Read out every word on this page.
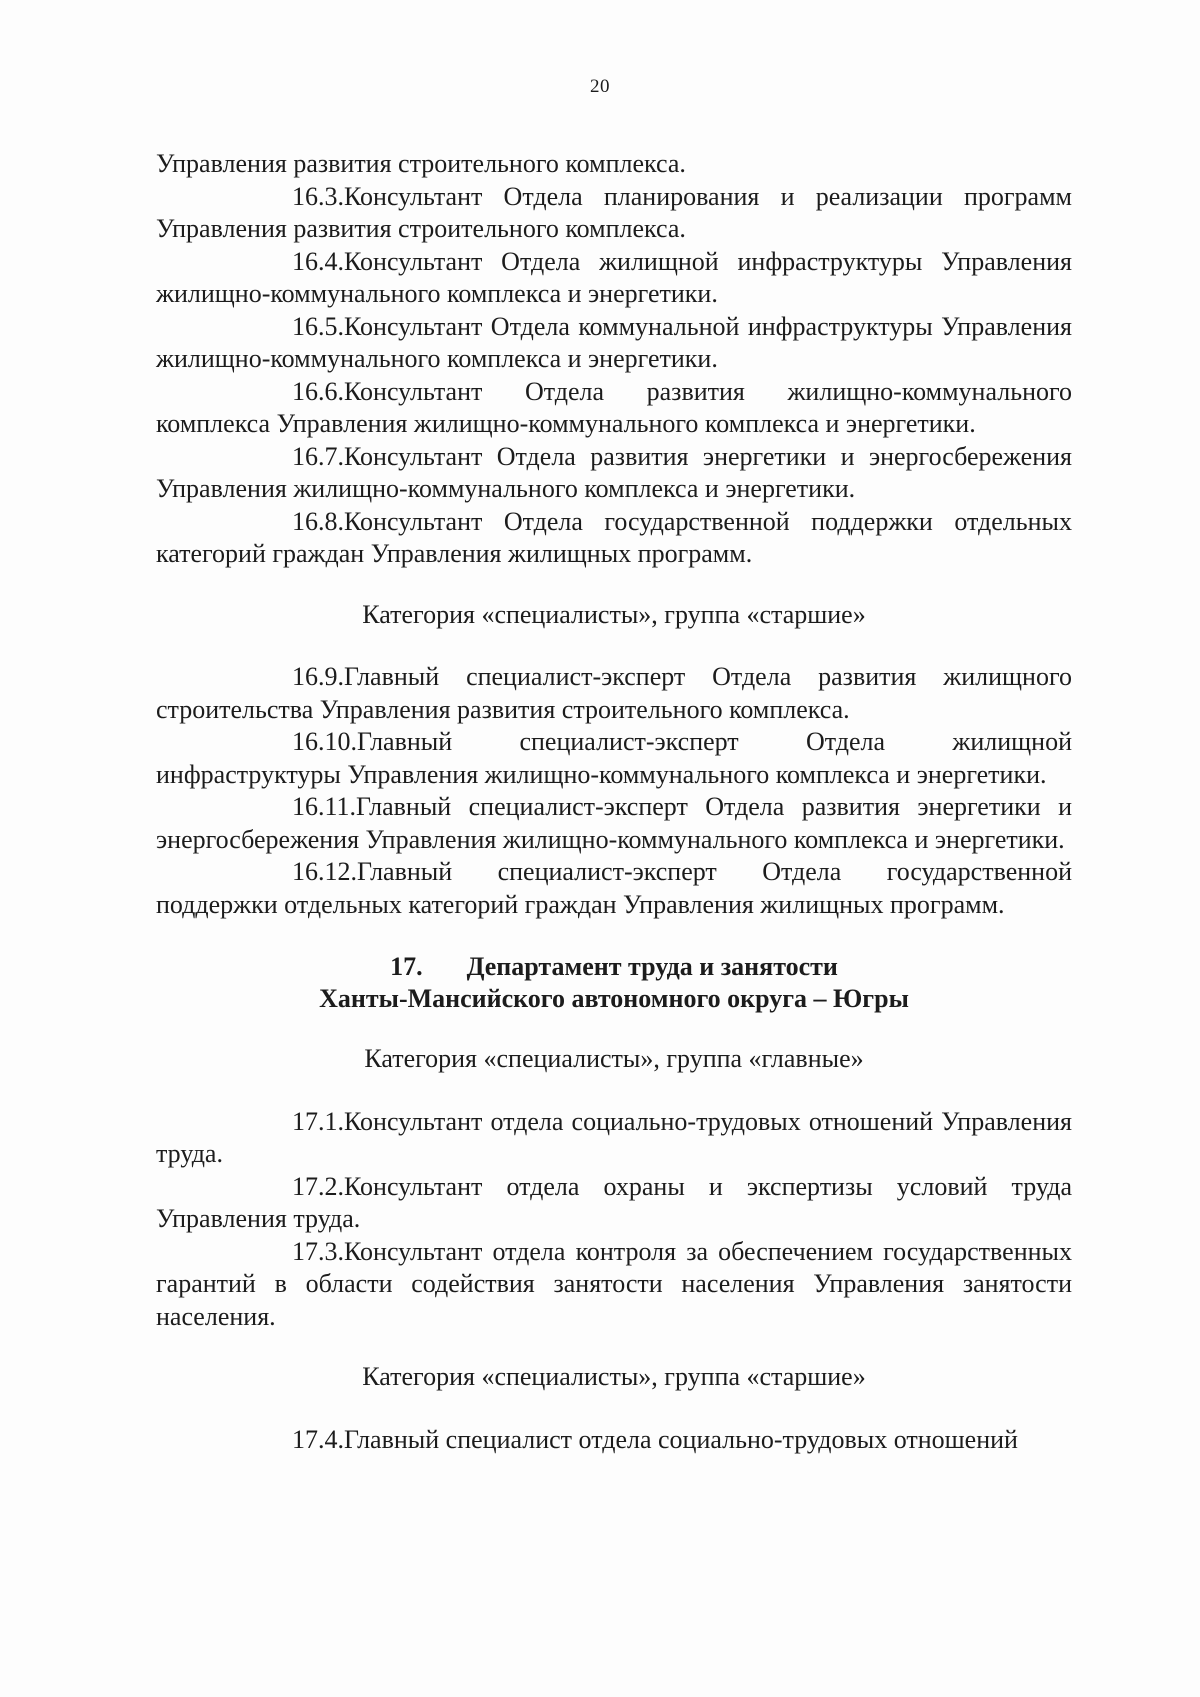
20

Управления развития строительного комплекса.

16.3.Консультант Отдела планирования и реализации программ Управления развития строительного комплекса.

16.4.Консультант Отдела жилищной инфраструктуры Управления жилищно-коммунального комплекса и энергетики.

16.5.Консультант Отдела коммунальной инфраструктуры Управления жилищно-коммунального комплекса и энергетики.

16.6.Консультант Отдела развития жилищно-коммунального комплекса Управления жилищно-коммунального комплекса и энергетики.

16.7.Консультант Отдела развития энергетики и энергосбережения Управления жилищно-коммунального комплекса и энергетики.

16.8.Консультант Отдела государственной поддержки отдельных категорий граждан Управления жилищных программ.

Категория «специалисты», группа «старшие»

16.9.Главный специалист-эксперт Отдела развития жилищного строительства Управления развития строительного комплекса.

16.10.Главный специалист-эксперт Отдела жилищной инфраструктуры Управления жилищно-коммунального комплекса и энергетики.

16.11.Главный специалист-эксперт Отдела развития энергетики и энергосбережения Управления жилищно-коммунального комплекса и энергетики.

16.12.Главный специалист-эксперт Отдела государственной поддержки отдельных категорий граждан Управления жилищных программ.

17. Департамент труда и занятости
Ханты-Мансийского автономного округа – Югры

Категория «специалисты», группа «главные»

17.1.Консультант отдела социально-трудовых отношений Управления труда.

17.2.Консультант отдела охраны и экспертизы условий труда Управления труда.

17.3.Консультант отдела контроля за обеспечением государственных гарантий в области содействия занятости населения Управления занятости населения.

Категория «специалисты», группа «старшие»

17.4.Главный специалист отдела социально-трудовых отношений
